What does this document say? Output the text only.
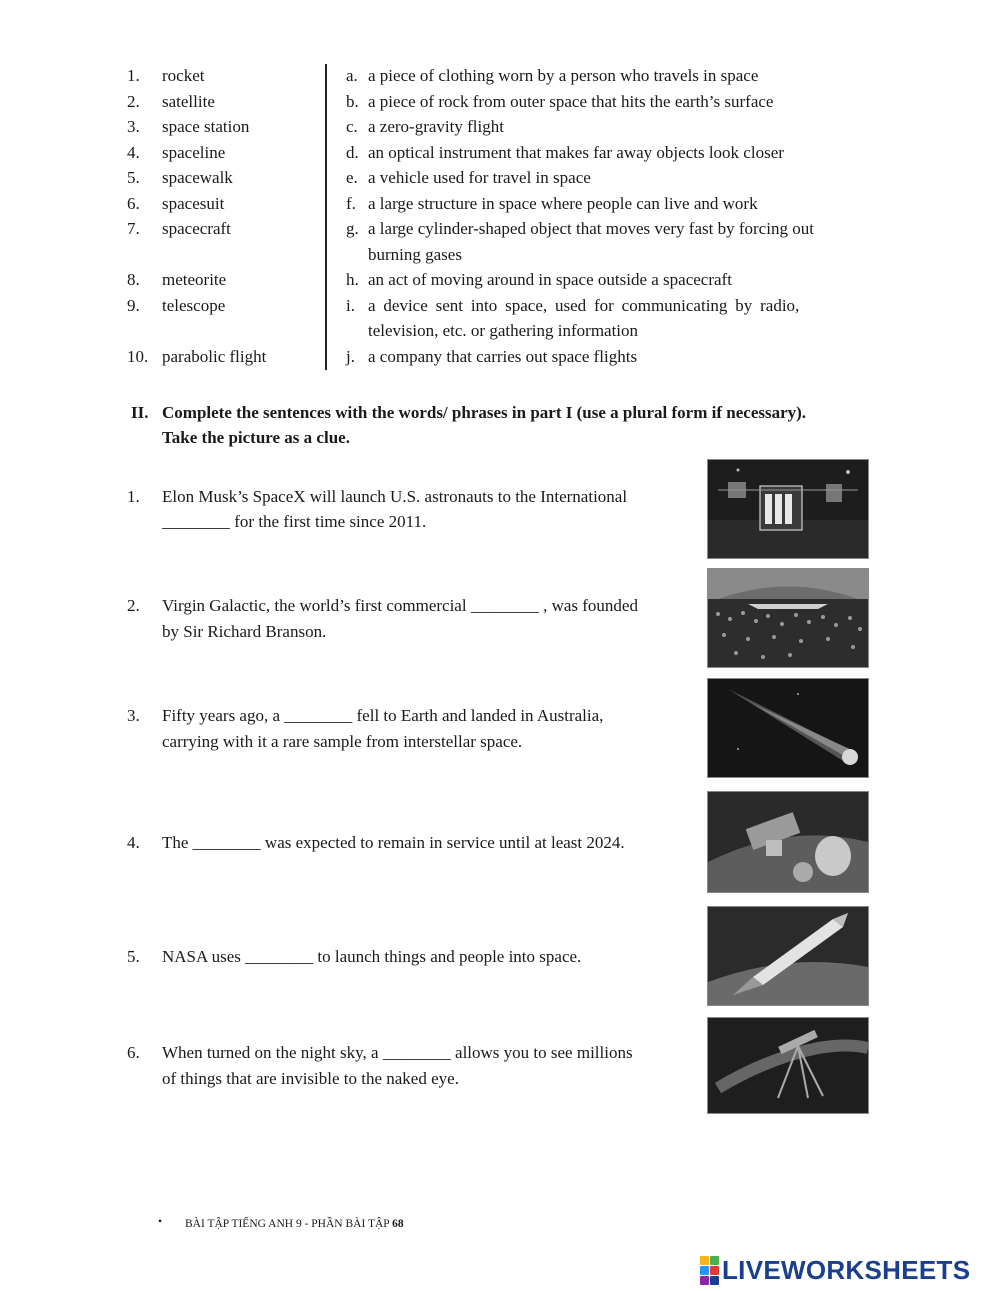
1. rocket
2. satellite
3. space station
4. spaceline
5. spacewalk
6. spacesuit
7. spacecraft
8. meteorite
9. telescope
10. parabolic flight
a. a piece of clothing worn by a person who travels in space
b. a piece of rock from outer space that hits the earth’s surface
c. a zero-gravity flight
d. an optical instrument that makes far away objects look closer
e. a vehicle used for travel in space
f. a large structure in space where people can live and work
g. a large cylinder-shaped object that moves very fast by forcing out
burning gases
h. an act of moving around in space outside a spacecraft
i. a device sent into space, used for communicating by radio,
television, etc. or gathering information
j. a company that carries out space flights
II. Complete the sentences with the words/ phrases in part I (use a plural form if necessary).
Take the picture as a clue.
1. Elon Musk’s SpaceX will launch U.S. astronauts to the International
________ for the first time since 2011.
2. Virgin Galactic, the world’s first commercial ________ , was founded
by Sir Richard Branson.
3. Fifty years ago, a ________ fell to Earth and landed in Australia,
carrying with it a rare sample from interstellar space.
4. The ________ was expected to remain in service until at least 2024.
5. NASA uses ________ to launch things and people into space.
6. When turned on the night sky, a ________ allows you to see millions
of things that are invisible to the naked eye.
• BÀI TẬP TIẾNG ANH 9 - PHẦN BÀI TẬP 68
LIVEWORKSHEETS
